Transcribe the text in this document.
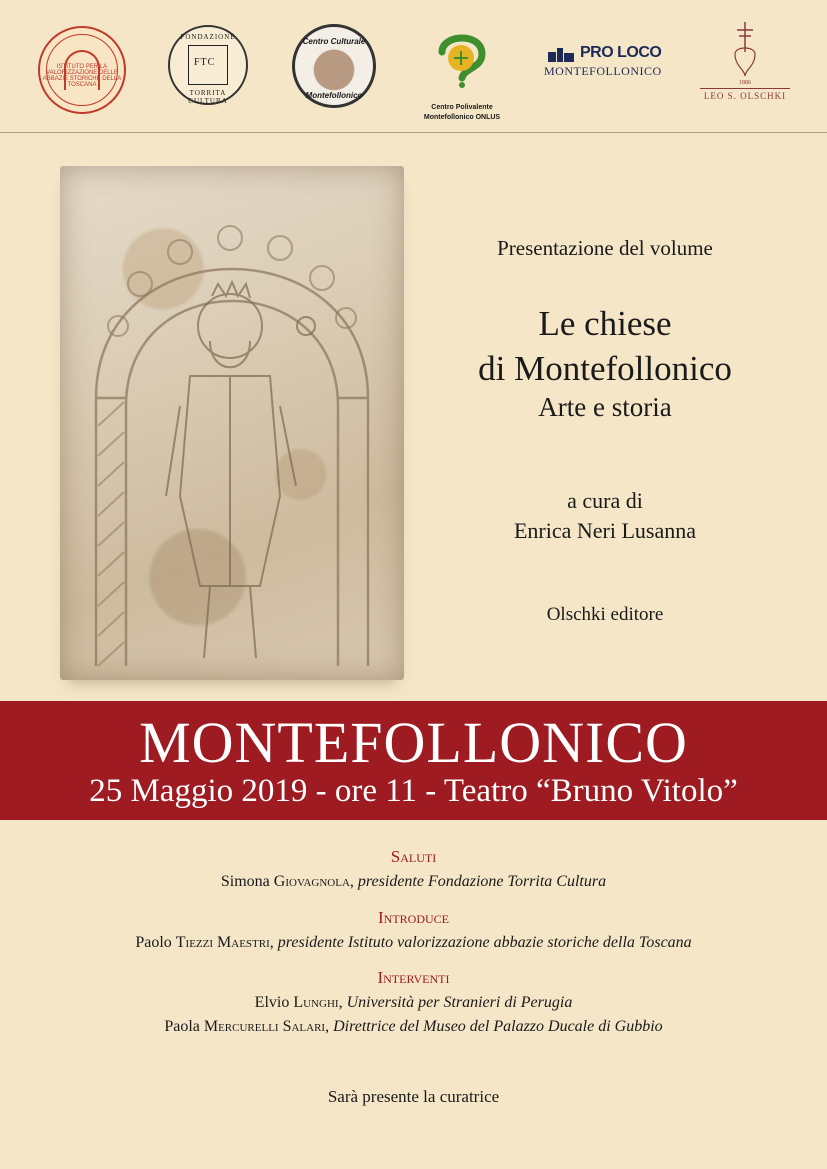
ISTITUTO PER LA VALORIZZAZIONE DELLE ABBAZIE STORICHE DELLA TOSCANA
FONDAZIONE
FTC
TORRITA CULTURA
Centro Culturale
Montefollonico
Centro Polivalente
Montefollonico ONLUS
PRO LOCO
MONTEFOLLONICO
1886
LEO S. OLSCHKI
Presentazione del volume
Le chiese
di Montefollonico
Arte e storia
a cura di
Enrica Neri Lusanna
Olschki editore
MONTEFOLLONICO
25 Maggio 2019 - ore 11 - Teatro “Bruno Vitolo”
Saluti
Simona Giovagnola, presidente Fondazione Torrita Cultura
Introduce
Paolo Tiezzi Maestri, presidente Istituto valorizzazione abbazie storiche della Toscana
Interventi
Elvio Lunghi, Università per Stranieri di Perugia
Paola Mercurelli Salari, Direttrice del Museo del Palazzo Ducale di Gubbio
Sarà presente la curatrice
